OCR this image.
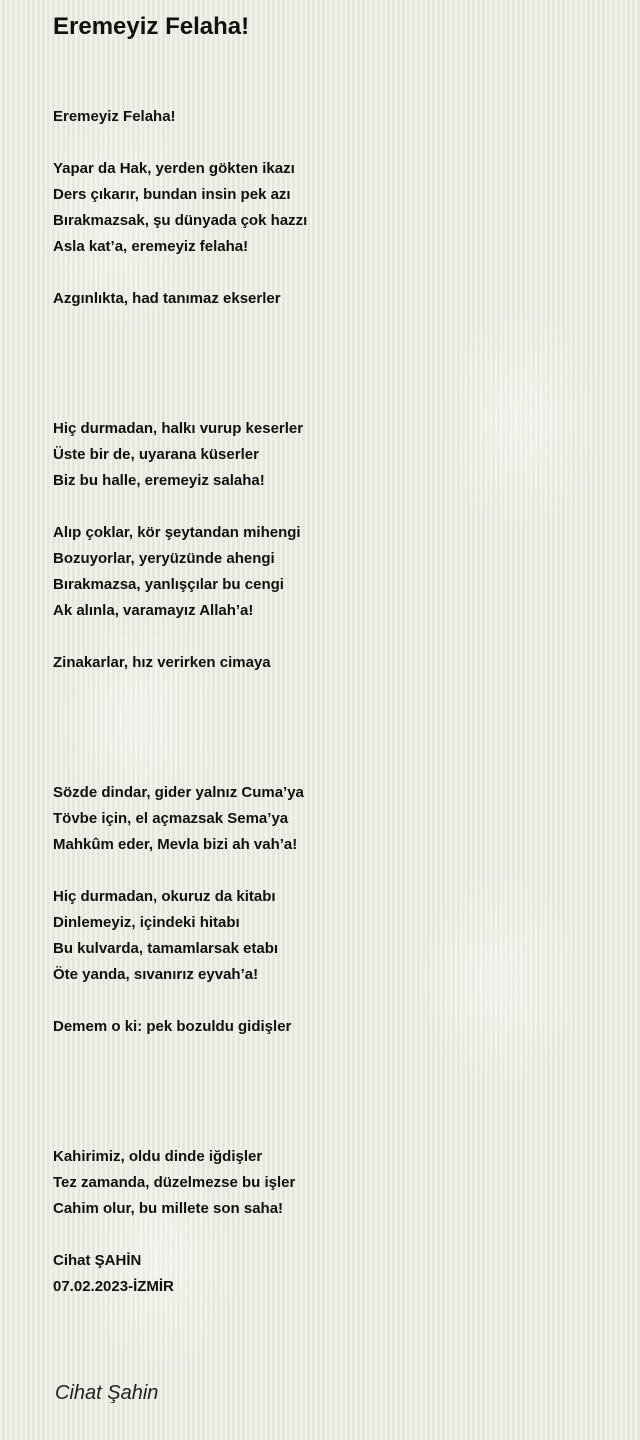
Eremeyiz Felaha!
Eremeyiz Felaha!
Yapar da Hak, yerden gökten ikazı
Ders çıkarır, bundan insin pek azı
Bırakmazsak, şu dünyada çok hazzı
Asla kat’a, eremeyiz felaha!
Azgınlıkta, had tanımaz ekserler
Hiç durmadan, halkı vurup keserler
Üste bir de, uyarana küserler
Biz bu halle, eremeyiz salaha!
Alıp çoklar, kör şeytandan mihengi
Bozuyorlar, yeryüzünde ahengi
Bırakmazsa, yanlışçılar bu cengi
Ak alınla, varamayız Allah’a!
Zinakarlar, hız verirken cimaya
Sözde dindar, gider yalnız Cuma’ya
Tövbe için, el açmazsak Sema’ya
Mahkûm eder, Mevla bizi ah vah’a!
Hiç durmadan, okuruz da kitabı
Dinlemeyiz, içindeki hitabı
Bu kulvarda, tamamlarsak etabı
Öte yanda, sıvanırız eyvah’a!
Demem o ki: pek bozuldu gidişler
Kahirimiz, oldu dinde iğdişler
Tez zamanda, düzelmezse bu işler
Cahim olur, bu millete son saha!
Cihat ŞAHİN
07.02.2023-İZMİR
Cihat Şahin
